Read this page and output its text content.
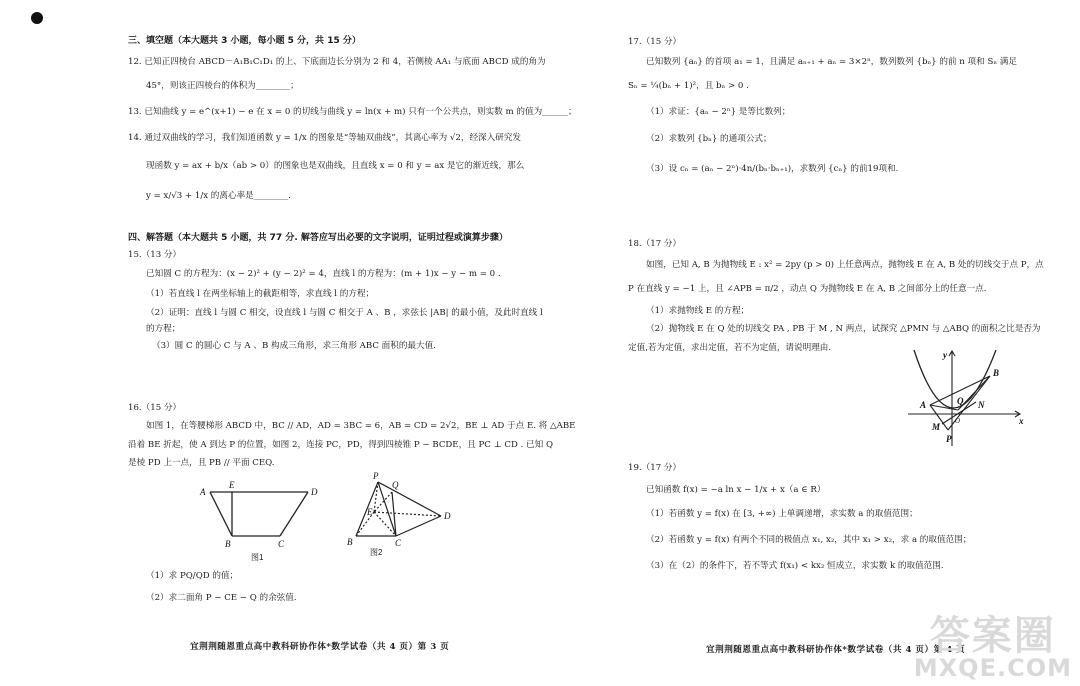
三、填空题（本大题共 3 小题，每小题 5 分，共 15 分）
12. 已知正四棱台 ABCD－A₁B₁C₁D₁ 的上、下底面边长分别为 2 和 4，若侧棱 AA₁ 与底面 ABCD 成的角为
45°，则该正四棱台的体积为________；
13. 已知曲线 y = e^(x+1) − e 在 x = 0 的切线与曲线 y = ln(x + m) 只有一个公共点，则实数 m 的值为______；
14. 通过双曲线的学习，我们知道函数 y = 1/x 的图象是“等轴双曲线”，其离心率为 √2，经深入研究发
现函数 y = ax + b/x（ab > 0）的图象也是双曲线，且直线 x = 0 和 y = ax 是它的渐近线，那么
y = x/√3 + 1/x 的离心率是________.
四、解答题（本大题共 5 小题，共 77 分. 解答应写出必要的文字说明，证明过程或演算步骤）
15.（13 分）
已知圆 C 的方程为：(x − 2)² + (y − 2)² = 4，直线 l 的方程为：(m + 1)x − y − m = 0 .
（1）若直线 l 在两坐标轴上的截距相等，求直线 l 的方程；
（2）证明：直线 l 与圆 C 相交，设直线 l 与圆 C 相交于 A 、B ，求弦长 |AB| 的最小值，及此时直线 l
的方程；
（3）圆 C 的圆心 C 与 A 、B 构成三角形，求三角形 ABC 面积的最大值.
16.（15 分）
如图 1，在等腰梯形 ABCD 中，BC // AD，AD = 3BC = 6，AB = CD = 2√2，BE ⊥ AD 于点 E. 将 △ABE
沿着 BE 折起，使 A 到达 P 的位置，如图 2，连接 PC，PD，得到四棱锥 P − BCDE，且 PC ⊥ CD . 已知 Q
是棱 PD 上一点，且 PB // 平面 CEQ.
A
E
D
B	C
图1
P
Q
E	D
B	C
图2
（1）求 PQ/QD 的值；
（2）求二面角 P − CE − Q 的余弦值.
宜荆荆随恩重点高中教科研协作体*数学试卷（共 4 页）第 3 页
17.（15 分）
已知数列 {aₙ} 的首项 a₁ = 1，且满足 aₙ₊₁ + aₙ = 3×2ⁿ，数列数列 {bₙ} 的前 n 项和 Sₙ 满足
Sₙ = ¼(bₙ + 1)²，且 bₙ > 0 .
（1）求证：{aₙ − 2ⁿ} 是等比数列；
（2）求数列 {bₙ} 的通项公式；
（3）设 cₙ = (aₙ − 2ⁿ)·4n/(bₙ·bₙ₊₁)，求数列 {cₙ} 的前19项和.
18.（17 分）
如图，已知 A, B 为抛物线 E : x² = 2py (p > 0) 上任意两点，抛物线 E 在 A, B 处的切线交于点 P，点
P 在直线 y = −1 上，且 ∠APB = π/2 ，动点 Q 为抛物线 E 在 A, B 之间部分上的任意一点.
（1）求抛物线 E 的方程；
（2）抛物线 E 在 Q 处的切线交 PA , PB 于 M , N 两点，试探究 △PMN 与 △ABQ 的面积之比是否为
定值,若为定值，求出定值，若不为定值，请说明理由.
y
x
A
B
Q N
M
P
O
19.（17 分）
已知函数 f(x) = −a ln x − 1/x + x（a ∈ R）
（1）若函数 y = f(x) 在 [3, +∞) 上单调递增，求实数 a 的取值范围；
（2）若函数 y = f(x) 有两个不同的极值点 x₁, x₂，其中 x₁ > x₂，求 a 的取值范围；
（3）在（2）的条件下，若不等式 f(x₁) < kx₂ 恒成立，求实数 k 的取值范围.
宜荆荆随恩重点高中教科研协作体*数学试卷（共 4 页）第 4 页
答案圈
MXQE.COM
